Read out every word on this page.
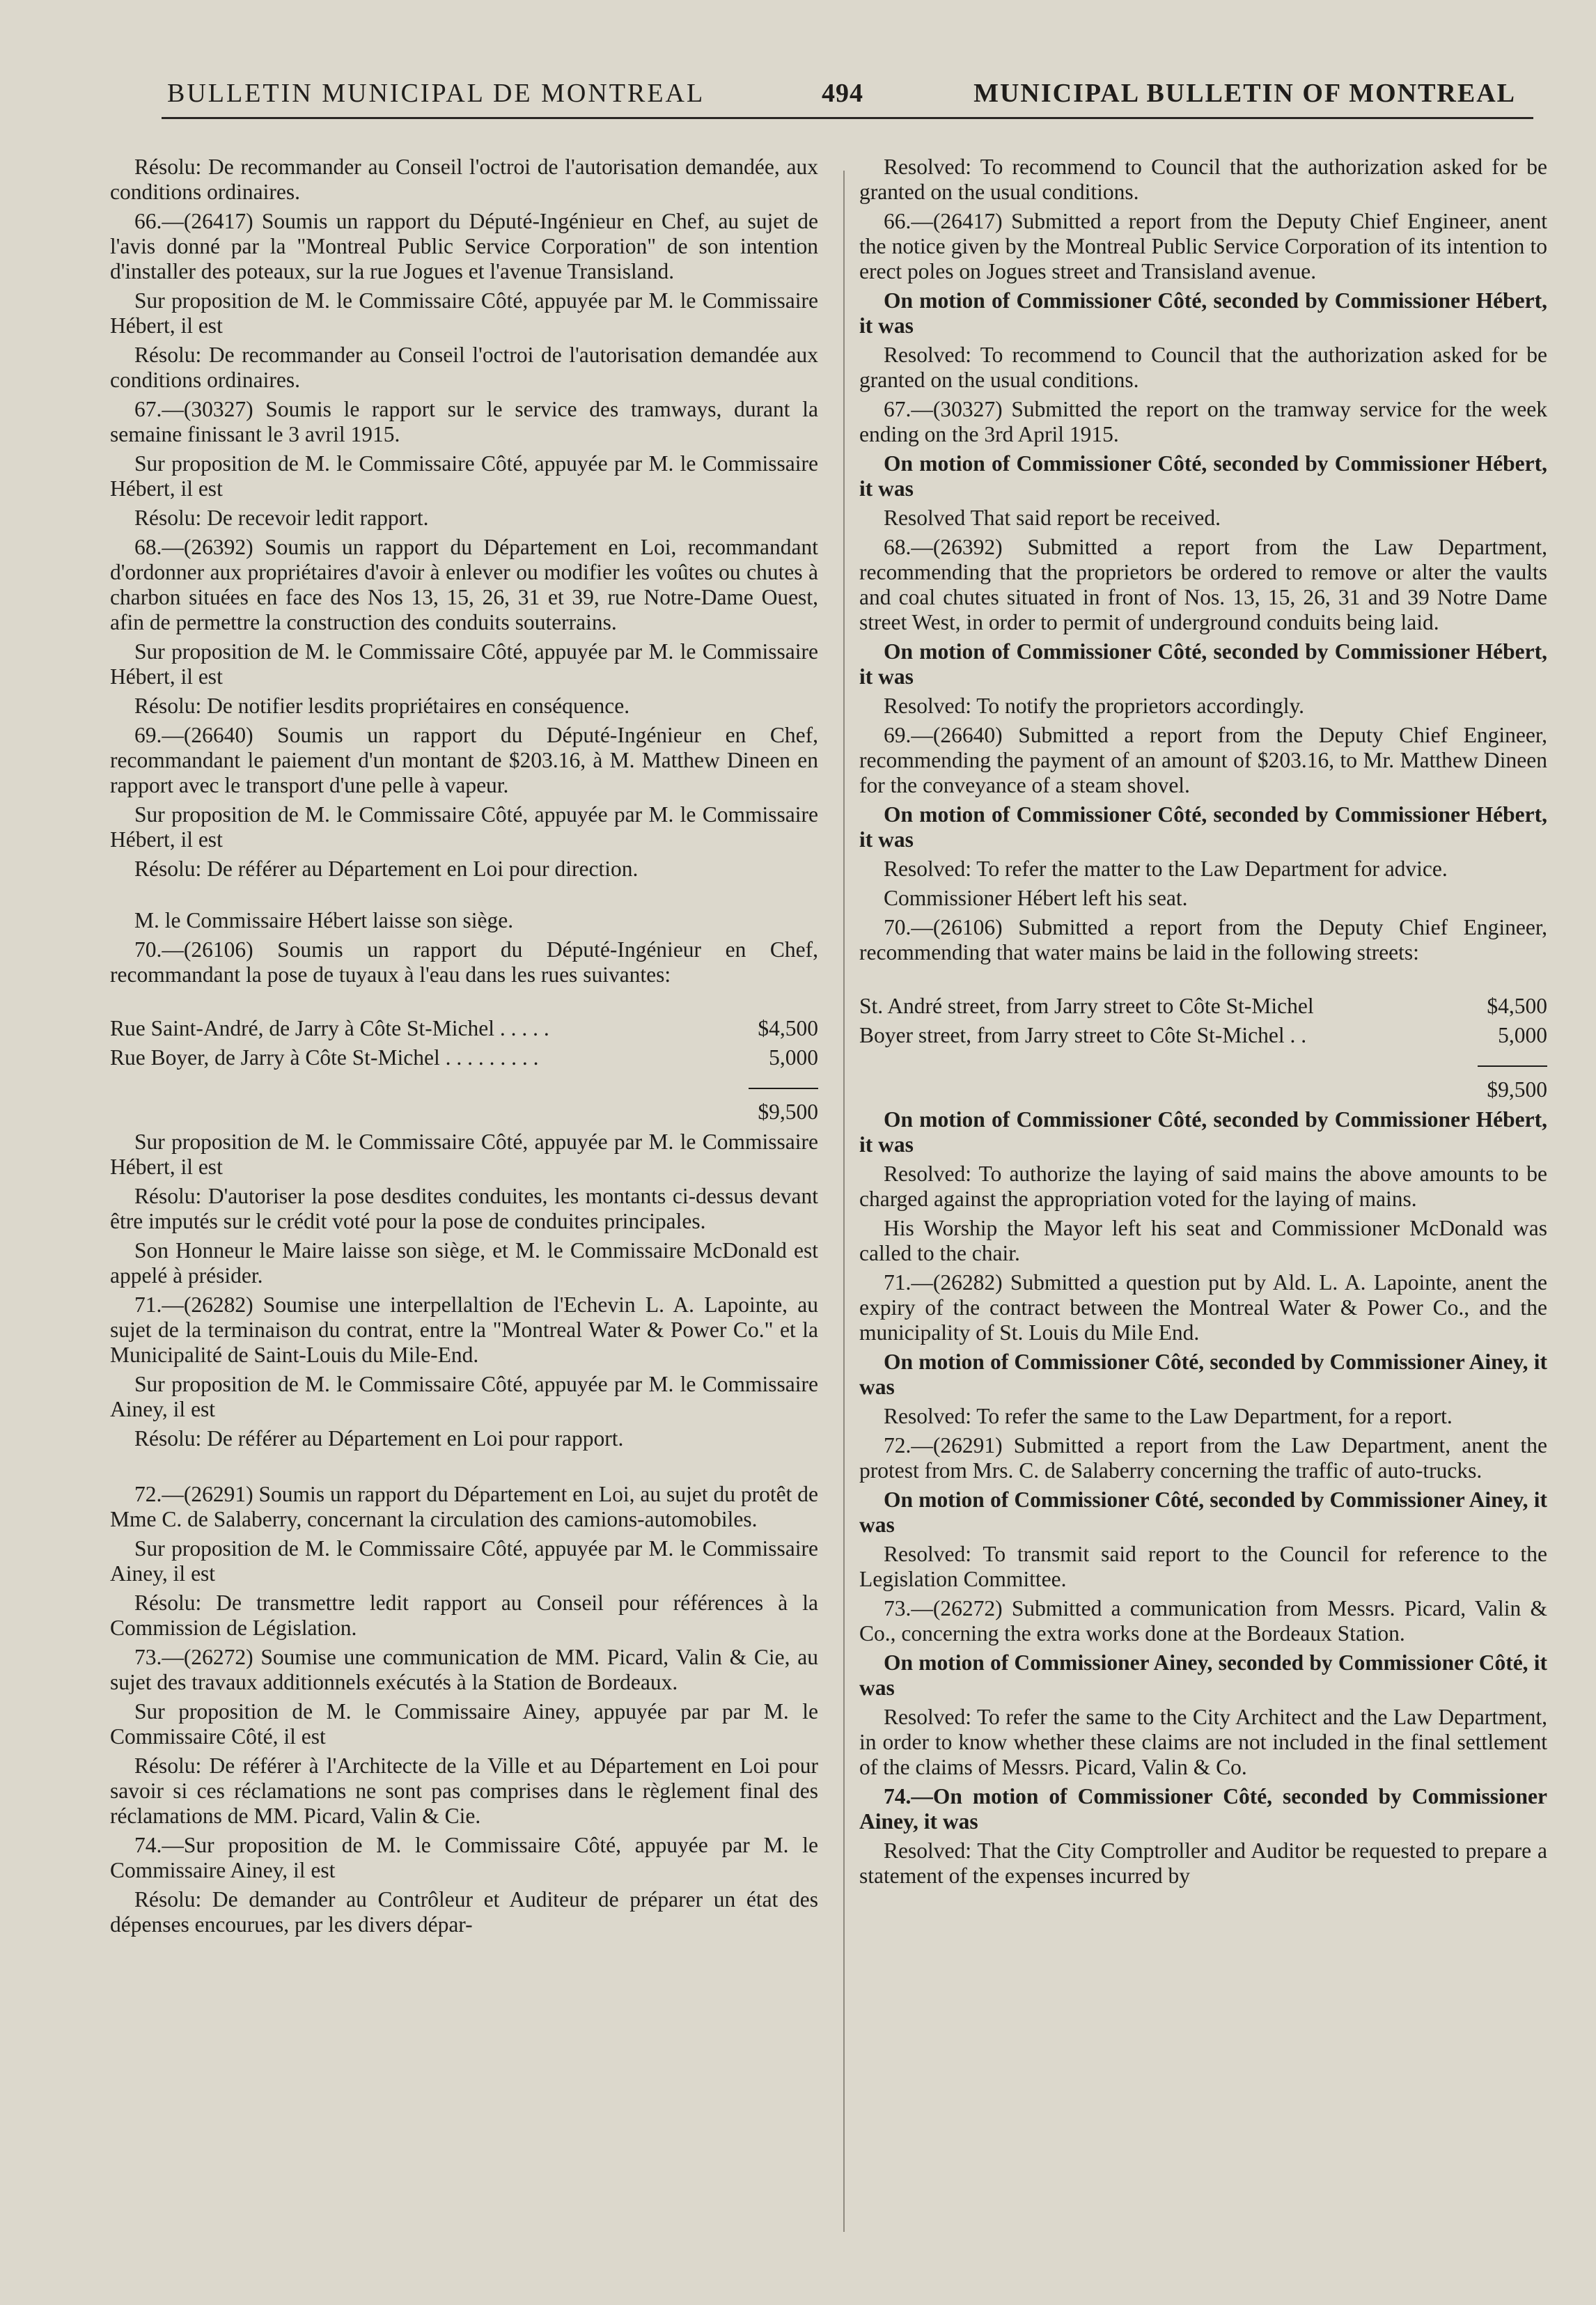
BULLETIN MUNICIPAL DE MONTREAL	494	MUNICIPAL BULLETIN OF MONTREAL

Résolu: De recommander au Conseil l'octroi de l'autorisation demandée, aux conditions ordinaires.

66.—(26417) Soumis un rapport du Député-Ingénieur en Chef, au sujet de l'avis donné par la "Montreal Public Service Corporation" de son intention d'installer des poteaux, sur la rue Jogues et l'avenue Transisland.

Sur proposition de M. le Commissaire Côté, appuyée par M. le Commissaire Hébert, il est

Résolu: De recommander au Conseil l'octroi de l'autorisation demandée aux conditions ordinaires.

67.—(30327) Soumis le rapport sur le service des tramways, durant la semaine finissant le 3 avril 1915.

Sur proposition de M. le Commissaire Côté, appuyée par M. le Commissaire Hébert, il est

Résolu: De recevoir ledit rapport.

68.—(26392) Soumis un rapport du Département en Loi, recommandant d'ordonner aux propriétaires d'avoir à enlever ou modifier les voûtes ou chutes à charbon situées en face des Nos 13, 15, 26, 31 et 39, rue Notre-Dame Ouest, afin de permettre la construction des conduits souterrains.

Sur proposition de M. le Commissaire Côté, appuyée par M. le Commissaire Hébert, il est

Résolu: De notifier lesdits propriétaires en conséquence.

69.—(26640) Soumis un rapport du Député-Ingénieur en Chef, recommandant le paiement d'un montant de $203.16, à M. Matthew Dineen en rapport avec le transport d'une pelle à vapeur.

Sur proposition de M. le Commissaire Côté, appuyée par M. le Commissaire Hébert, il est

Résolu: De référer au Département en Loi pour direction.

M. le Commissaire Hébert laisse son siège.

70.—(26106) Soumis un rapport du Député-Ingénieur en Chef, recommandant la pose de tuyaux à l'eau dans les rues suivantes:

Rue Saint-André, de Jarry à Côte St-Michel . . . . .	$4,500
Rue Boyer, de Jarry à Côte St-Michel . . . . . . . . .	5,000

$9,500

Sur proposition de M. le Commissaire Côté, appuyée par M. le Commissaire Hébert, il est

Résolu: D'autoriser la pose desdites conduites, les montants ci-dessus devant être imputés sur le crédit voté pour la pose de conduites principales.

Son Honneur le Maire laisse son siège, et M. le Commissaire McDonald est appelé à présider.

71.—(26282) Soumise une interpellaltion de l'Echevin L. A. Lapointe, au sujet de la terminaison du contrat, entre la "Montreal Water & Power Co." et la Municipalité de Saint-Louis du Mile-End.

Sur proposition de M. le Commissaire Côté, appuyée par M. le Commissaire Ainey, il est

Résolu: De référer au Département en Loi pour rapport.

72.—(26291) Soumis un rapport du Département en Loi, au sujet du protêt de Mme C. de Salaberry, concernant la circulation des camions-automobiles.

Sur proposition de M. le Commissaire Côté, appuyée par M. le Commissaire Ainey, il est

Résolu: De transmettre ledit rapport au Conseil pour références à la Commission de Législation.

73.—(26272) Soumise une communication de MM. Picard, Valin & Cie, au sujet des travaux additionnels exécutés à la Station de Bordeaux.

Sur proposition de M. le Commissaire Ainey, appuyée par par M. le Commissaire Côté, il est

Résolu: De référer à l'Architecte de la Ville et au Département en Loi pour savoir si ces réclamations ne sont pas comprises dans le règlement final des réclamations de MM. Picard, Valin & Cie.

74.—Sur proposition de M. le Commissaire Côté, appuyée par M. le Commissaire Ainey, il est

Résolu: De demander au Contrôleur et Auditeur de préparer un état des dépenses encourues, par les divers dépar-

Resolved: To recommend to Council that the authorization asked for be granted on the usual conditions.

66.—(26417) Submitted a report from the Deputy Chief Engineer, anent the notice given by the Montreal Public Service Corporation of its intention to erect poles on Jogues street and Transisland avenue.

On motion of Commissioner Côté, seconded by Commissioner Hébert, it was

Resolved: To recommend to Council that the authorization asked for be granted on the usual conditions.

67.—(30327) Submitted the report on the tramway service for the week ending on the 3rd April 1915.

On motion of Commissioner Côté, seconded by Commissioner Hébert, it was

Resolved That said report be received.

68.—(26392) Submitted a report from the Law Department, recommending that the proprietors be ordered to remove or alter the vaults and coal chutes situated in front of Nos. 13, 15, 26, 31 and 39 Notre Dame street West, in order to permit of underground conduits being laid.

On motion of Commissioner Côté, seconded by Commissioner Hébert, it was

Resolved: To notify the proprietors accordingly.

69.—(26640) Submitted a report from the Deputy Chief Engineer, recommending the payment of an amount of $203.16, to Mr. Matthew Dineen for the conveyance of a steam shovel.

On motion of Commissioner Côté, seconded by Commissioner Hébert, it was

Resolved: To refer the matter to the Law Department for advice.

Commissioner Hébert left his seat.

70.—(26106) Submitted a report from the Deputy Chief Engineer, recommending that water mains be laid in the following streets:

St. André street, from Jarry street to Côte St-Michel	$4,500
Boyer street, from Jarry street to Côte St-Michel . .	5,000

$9,500

On motion of Commissioner Côté, seconded by Commissioner Hébert, it was

Resolved: To authorize the laying of said mains the above amounts to be charged against the appropriation voted for the laying of mains.

His Worship the Mayor left his seat and Commissioner McDonald was called to the chair.

71.—(26282) Submitted a question put by Ald. L. A. Lapointe, anent the expiry of the contract between the Montreal Water & Power Co., and the municipality of St. Louis du Mile End.

On motion of Commissioner Côté, seconded by Commissioner Ainey, it was

Resolved: To refer the same to the Law Department, for a report.

72.—(26291) Submitted a report from the Law Department, anent the protest from Mrs. C. de Salaberry concerning the traffic of auto-trucks.

On motion of Commissioner Côté, seconded by Commissioner Ainey, it was

Resolved: To transmit said report to the Council for reference to the Legislation Committee.

73.—(26272) Submitted a communication from Messrs. Picard, Valin & Co., concerning the extra works done at the Bordeaux Station.

On motion of Commissioner Ainey, seconded by Commissioner Côté, it was

Resolved: To refer the same to the City Architect and the Law Department, in order to know whether these claims are not included in the final settlement of the claims of Messrs. Picard, Valin & Co.

74.—On motion of Commissioner Côté, seconded by Commissioner Ainey, it was

Resolved: That the City Comptroller and Auditor be requested to prepare a statement of the expenses incurred by
